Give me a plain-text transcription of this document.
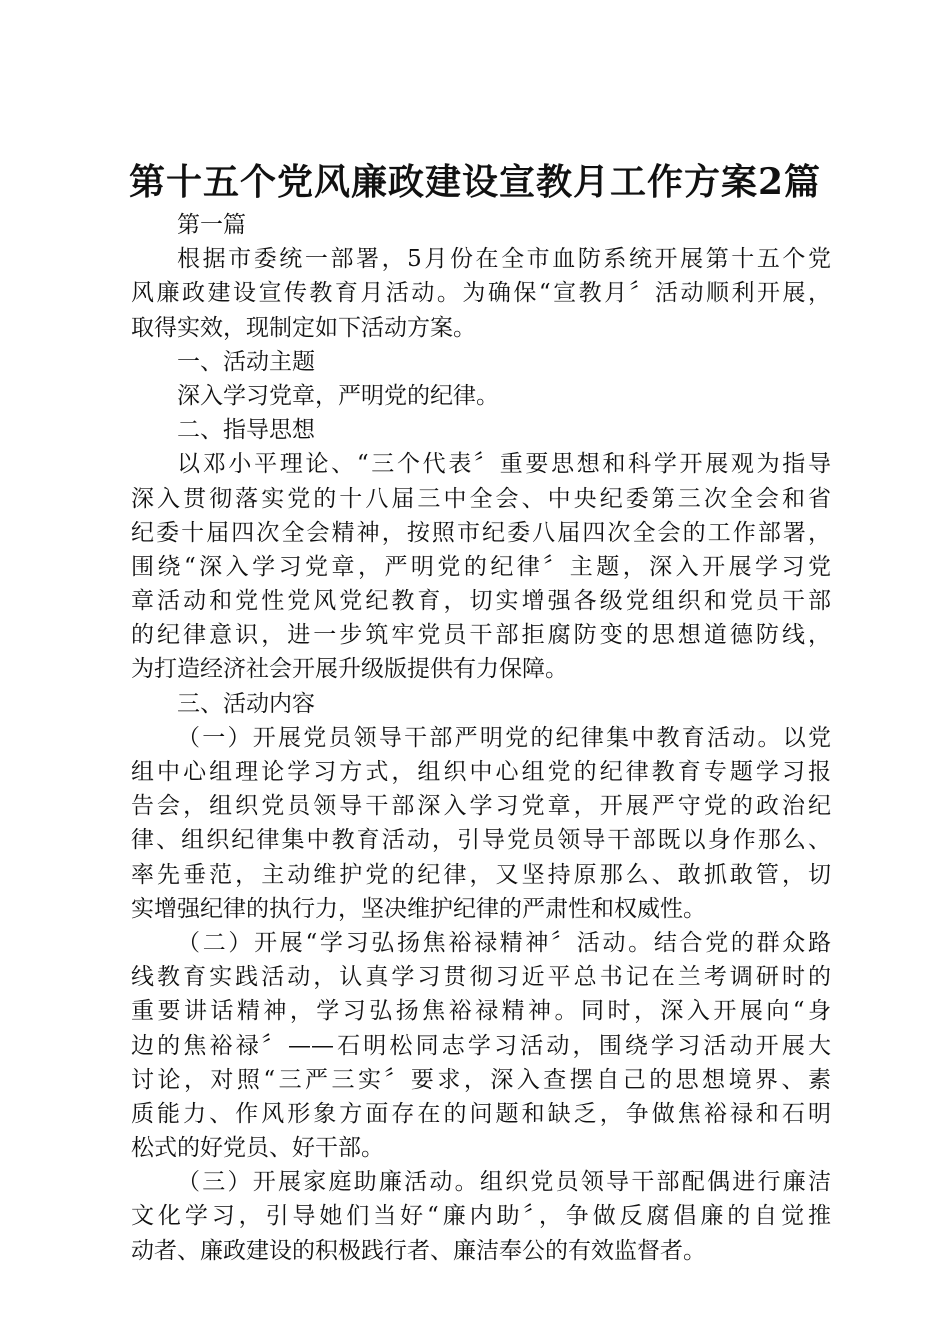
第十五个党风廉政建设宣教月工作方案2篇
第一篇
根据市委统一部署，5月份在全市血防系统开展第十五个党
风廉政建设宣传教育月活动。为确保“宣教月〞活动顺利开展，
取得实效，现制定如下活动方案。
一、活动主题
深入学习党章，严明党的纪律。
二、指导思想
以邓小平理论、“三个代表〞重要思想和科学开展观为指导
深入贯彻落实党的十八届三中全会、中央纪委第三次全会和省
纪委十届四次全会精神，按照市纪委八届四次全会的工作部署，
围绕“深入学习党章，严明党的纪律〞主题，深入开展学习党
章活动和党性党风党纪教育，切实增强各级党组织和党员干部
的纪律意识，进一步筑牢党员干部拒腐防变的思想道德防线，
为打造经济社会开展升级版提供有力保障。
三、活动内容
（一）开展党员领导干部严明党的纪律集中教育活动。以党
组中心组理论学习方式，组织中心组党的纪律教育专题学习报
告会，组织党员领导干部深入学习党章，开展严守党的政治纪
律、组织纪律集中教育活动，引导党员领导干部既以身作那么、
率先垂范，主动维护党的纪律，又坚持原那么、敢抓敢管，切
实增强纪律的执行力，坚决维护纪律的严肃性和权威性。
（二）开展“学习弘扬焦裕禄精神〞活动。结合党的群众路
线教育实践活动，认真学习贯彻习近平总书记在兰考调研时的
重要讲话精神，学习弘扬焦裕禄精神。同时，深入开展向“身
边的焦裕禄〞——石明松同志学习活动，围绕学习活动开展大
讨论，对照“三严三实〞要求，深入查摆自己的思想境界、素
质能力、作风形象方面存在的问题和缺乏，争做焦裕禄和石明
松式的好党员、好干部。
（三）开展家庭助廉活动。组织党员领导干部配偶进行廉洁
文化学习，引导她们当好“廉内助〞，争做反腐倡廉的自觉推
动者、廉政建设的积极践行者、廉洁奉公的有效监督者。
